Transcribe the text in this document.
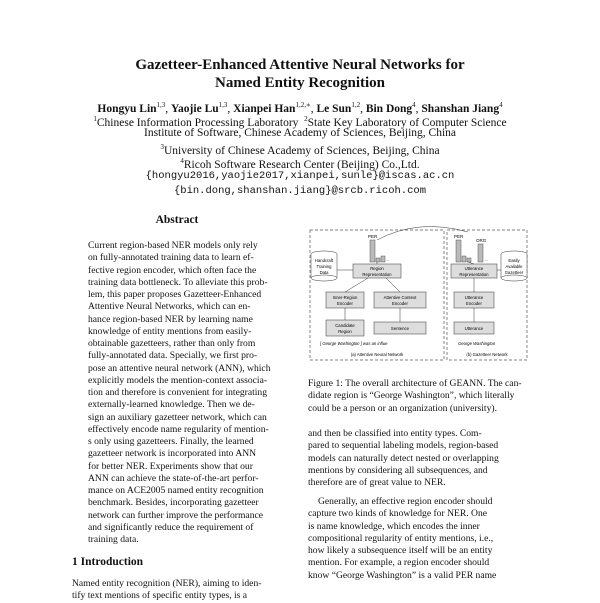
Gazetteer-Enhanced Attentive Neural Networks for
Named Entity Recognition
Hongyu Lin$^{1,3}$, Yaojie Lu$^{1,3}$, Xianpei Han$^{1,2,∗}$, Le Sun$^{1,2}$, Bin Dong$^4$, Shanshan Jiang$^4$
$^1$Chinese Information Processing Laboratory $^2$State Key Laboratory of Computer Science
Institute of Software, Chinese Academy of Sciences, Beijing, China
$^3$University of Chinese Academy of Sciences, Beijing, China
$^4$Ricoh Software Research Center (Beijing) Co.,Ltd.
{hongyu2016,yaojie2017,xianpei,sunle}@iscas.ac.cn
{bin.dong,shanshan.jiang}@srcb.ricoh.com
Abstract
Current region-based NER models only rely
on fully-annotated training data to learn ef-
fective region encoder, which often face the
training data bottleneck. To alleviate this prob-
lem, this paper proposes Gazetteer-Enhanced
Attentive Neural Networks, which can en-
hance region-based NER by learning name
knowledge of entity mentions from easily-
obtainable gazetteers, rather than only from
fully-annotated data. Specially, we first pro-
pose an attentive neural network (ANN), which
explicitly models the mention-context associa-
tion and therefore is convenient for integrating
externally-learned knowledge. Then we de-
sign an auxiliary gazetteer network, which can
effectively encode name regularity of mention-
s only using gazetteers. Finally, the learned
gazetteer network is incorporated into ANN
for better NER. Experiments show that our
ANN can achieve the state-of-the-art perfor-
mance on ACE2005 named entity recognition
benchmark. Besides, incorporating gazetteer
network can further improve the performance
and significantly reduce the requirement of
training data.
1 Introduction
Named entity recognition (NER), aiming to iden-
tify text mentions of specific entity types, is a
PER
...
Handcraft
Training
Data
Region
Representation
Inner-Region
Encoder
Attentive Context
Encoder
Candidate
Region
Sentence
[ George Washington ] was an influe
(a) Attentive Neural Network
PER
ORG
...
Utterance
Representation
Easily
Available
Gazetteer
Utterance
Encoder
Utterance
George Washington
(b) Gazetteer Network
Figure 1: The overall architecture of GEANN. The can-
didate region is “George Washington”, which literally
could be a person or an organization (university).
and then be classified into entity types. Com-
pared to sequential labeling models, region-based
models can naturally detect nested or overlapping
mentions by considering all subsequences, and
therefore are of great value to NER.
Generally, an effective region encoder should
capture two kinds of knowledge for NER. One
is name knowledge, which encodes the inner
compositional regularity of entity mentions, i.e.,
how likely a subsequence itself will be an entity
mention. For example, a region encoder should
know “George Washington” is a valid PER name
